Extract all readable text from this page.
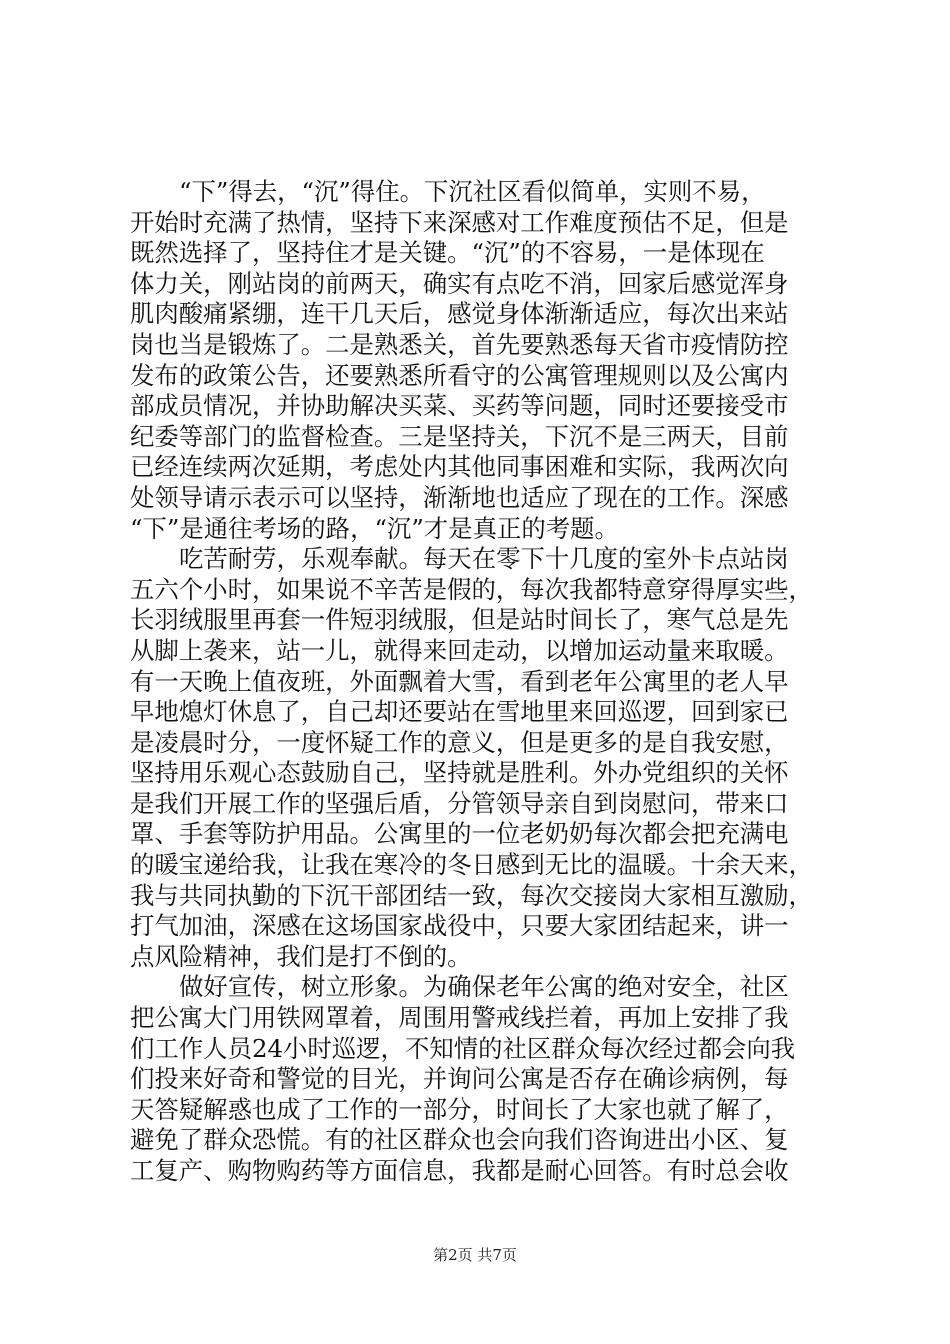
“下”得去，“沉”得住。下沉社区看似简单，实则不易，
开始时充满了热情，坚持下来深感对工作难度预估不足，但是
既然选择了，坚持住才是关键。“沉”的不容易，一是体现在
体力关，刚站岗的前两天，确实有点吃不消，回家后感觉浑身
肌肉酸痛紧绷，连干几天后，感觉身体渐渐适应，每次出来站
岗也当是锻炼了。二是熟悉关，首先要熟悉每天省市疫情防控
发布的政策公告，还要熟悉所看守的公寓管理规则以及公寓内
部成员情况，并协助解决买菜、买药等问题，同时还要接受市
纪委等部门的监督检查。三是坚持关，下沉不是三两天，目前
已经连续两次延期，考虑处内其他同事困难和实际，我两次向
处领导请示表示可以坚持，渐渐地也适应了现在的工作。深感
“下”是通往考场的路，“沉”才是真正的考题。
吃苦耐劳，乐观奉献。每天在零下十几度的室外卡点站岗
五六个小时，如果说不辛苦是假的，每次我都特意穿得厚实些，
长羽绒服里再套一件短羽绒服，但是站时间长了，寒气总是先
从脚上袭来，站一儿，就得来回走动，以增加运动量来取暖。
有一天晚上值夜班，外面飘着大雪，看到老年公寓里的老人早
早地熄灯休息了，自己却还要站在雪地里来回巡逻，回到家已
是凌晨时分，一度怀疑工作的意义，但是更多的是自我安慰，
坚持用乐观心态鼓励自己，坚持就是胜利。外办党组织的关怀
是我们开展工作的坚强后盾，分管领导亲自到岗慰问，带来口
罩、手套等防护用品。公寓里的一位老奶奶每次都会把充满电
的暖宝递给我，让我在寒冷的冬日感到无比的温暖。十余天来，
我与共同执勤的下沉干部团结一致，每次交接岗大家相互激励，
打气加油，深感在这场国家战役中，只要大家团结起来，讲一
点风险精神，我们是打不倒的。
做好宣传，树立形象。为确保老年公寓的绝对安全，社区
把公寓大门用铁网罩着，周围用警戒线拦着，再加上安排了我
们工作人员24小时巡逻，不知情的社区群众每次经过都会向我
们投来好奇和警觉的目光，并询问公寓是否存在确诊病例，每
天答疑解惑也成了工作的一部分，时间长了大家也就了解了，
避免了群众恐慌。有的社区群众也会向我们咨询进出小区、复
工复产、购物购药等方面信息，我都是耐心回答。有时总会收
第2页 共7页
